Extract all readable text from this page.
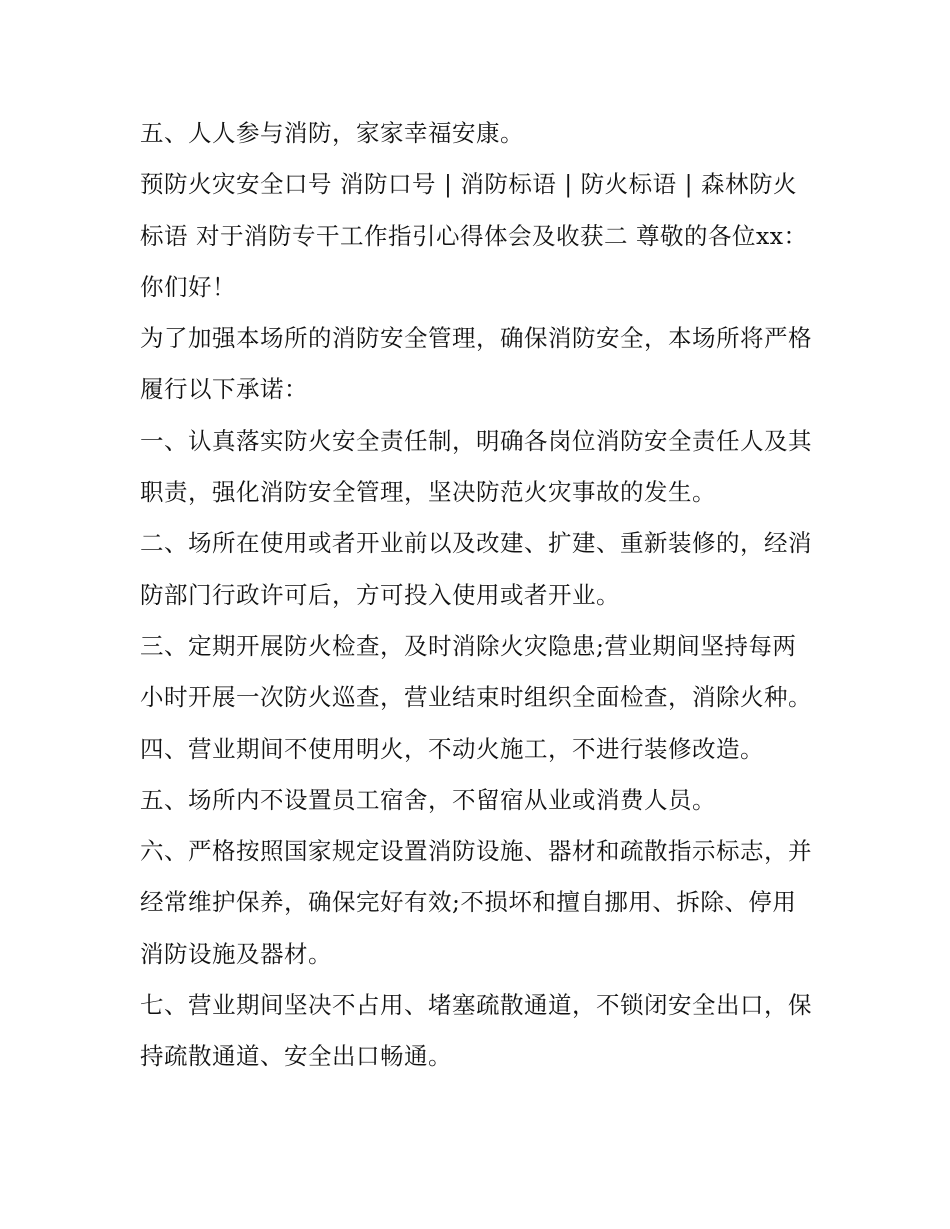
五、人人参与消防，家家幸福安康。

预防火灾安全口号 消防口号 | 消防标语 | 防火标语 | 森林防火标语 对于消防专干工作指引心得体会及收获二 尊敬的各位xx： 你们好！

为了加强本场所的消防安全管理，确保消防安全，本场所将严格履行以下承诺：

一、认真落实防火安全责任制，明确各岗位消防安全责任人及其职责，强化消防安全管理，坚决防范火灾事故的发生。

二、场所在使用或者开业前以及改建、扩建、重新装修的，经消防部门行政许可后，方可投入使用或者开业。

三、定期开展防火检查，及时消除火灾隐患;营业期间坚持每两小时开展一次防火巡查，营业结束时组织全面检查，消除火种。

四、营业期间不使用明火，不动火施工，不进行装修改造。

五、场所内不设置员工宿舍，不留宿从业或消费人员。

六、严格按照国家规定设置消防设施、器材和疏散指示标志，并经常维护保养，确保完好有效;不损坏和擅自挪用、拆除、停用消防设施及器材。

七、营业期间坚决不占用、堵塞疏散通道，不锁闭安全出口，保持疏散通道、安全出口畅通。
